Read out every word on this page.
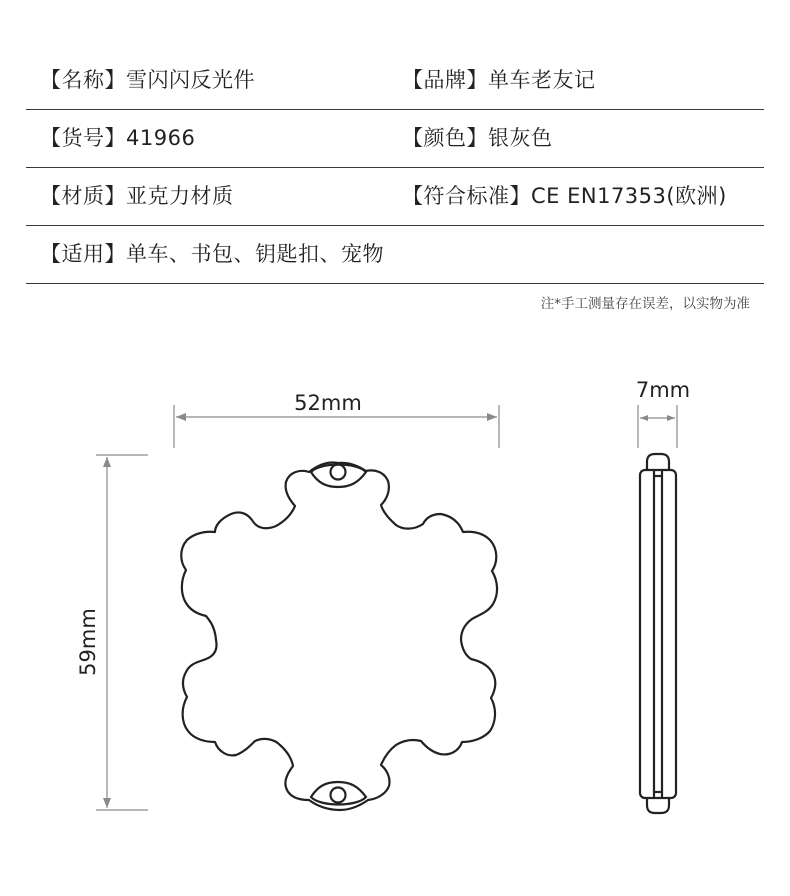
【名称】雪闪闪反光件	【品牌】单车老友记
【货号】41966	【颜色】银灰色
【材质】亚克力材质	【符合标准】CE EN17353(欧洲)
【适用】单车、书包、钥匙扣、宠物
注*手工测量存在误差，以实物为准
52mm
59mm
7mm
